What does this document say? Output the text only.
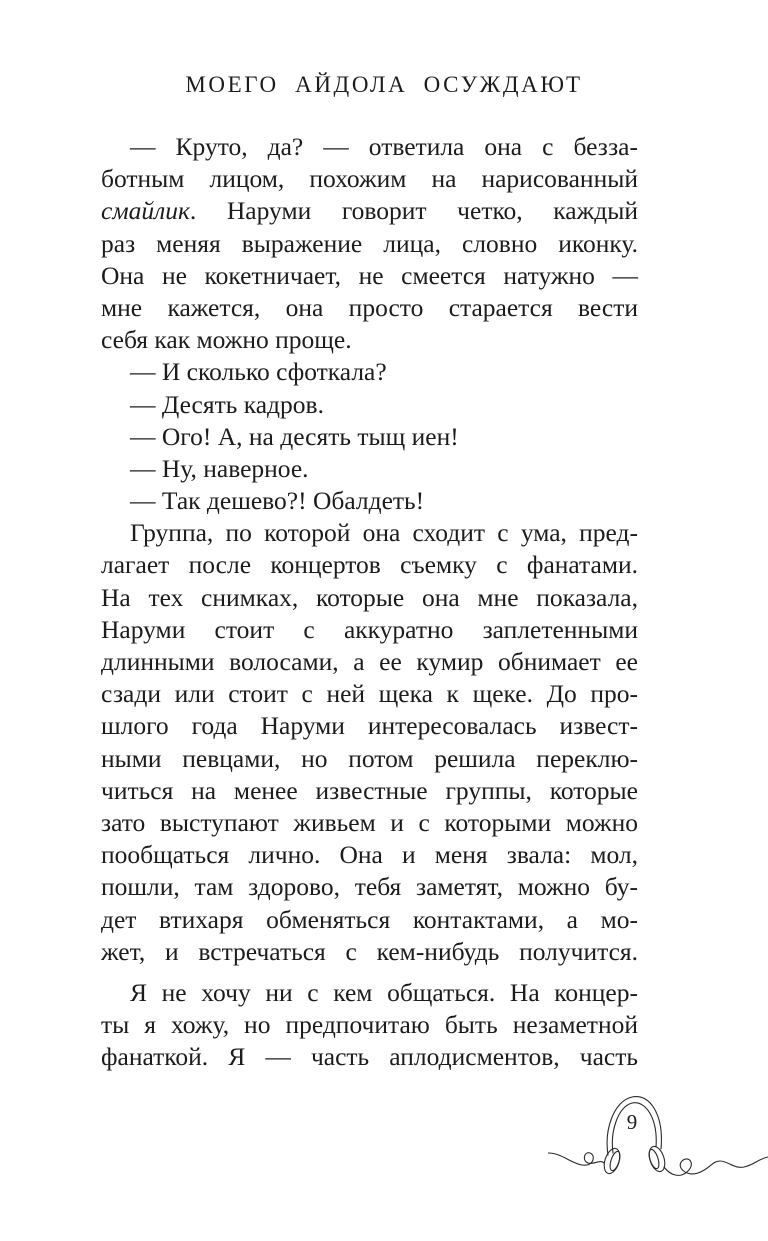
МОЕГО АЙДОЛА ОСУЖДАЮТ
— Круто, да? — ответила она с безза-
ботным лицом, похожим на нарисованный
смайлик. Наруми говорит четко, каждый
раз меняя выражение лица, словно иконку.
Она не кокетничает, не смеется натужно —
мне кажется, она просто старается вести
себя как можно проще.
— И сколько сфоткала?
— Десять кадров.
— Ого! А, на десять тыщ иен!
— Ну, наверное.
— Так дешево?! Обалдеть!
Группа, по которой она сходит с ума, пред-
лагает после концертов съемку с фанатами.
На тех снимках, которые она мне показала,
Наруми стоит с аккуратно заплетенными
длинными волосами, а ее кумир обнимает ее
сзади или стоит с ней щека к щеке. До про-
шлого года Наруми интересовалась извест-
ными певцами, но потом решила переклю-
читься на менее известные группы, которые
зато выступают живьем и с которыми можно
пообщаться лично. Она и меня звала: мол,
пошли, там здорово, тебя заметят, можно бу-
дет втихаря обменяться контактами, а мо-
жет, и встречаться с кем-нибудь получится.
Я не хочу ни с кем общаться. На концер-
ты я хожу, но предпочитаю быть незаметной
фанаткой. Я — часть аплодисментов, часть
9
